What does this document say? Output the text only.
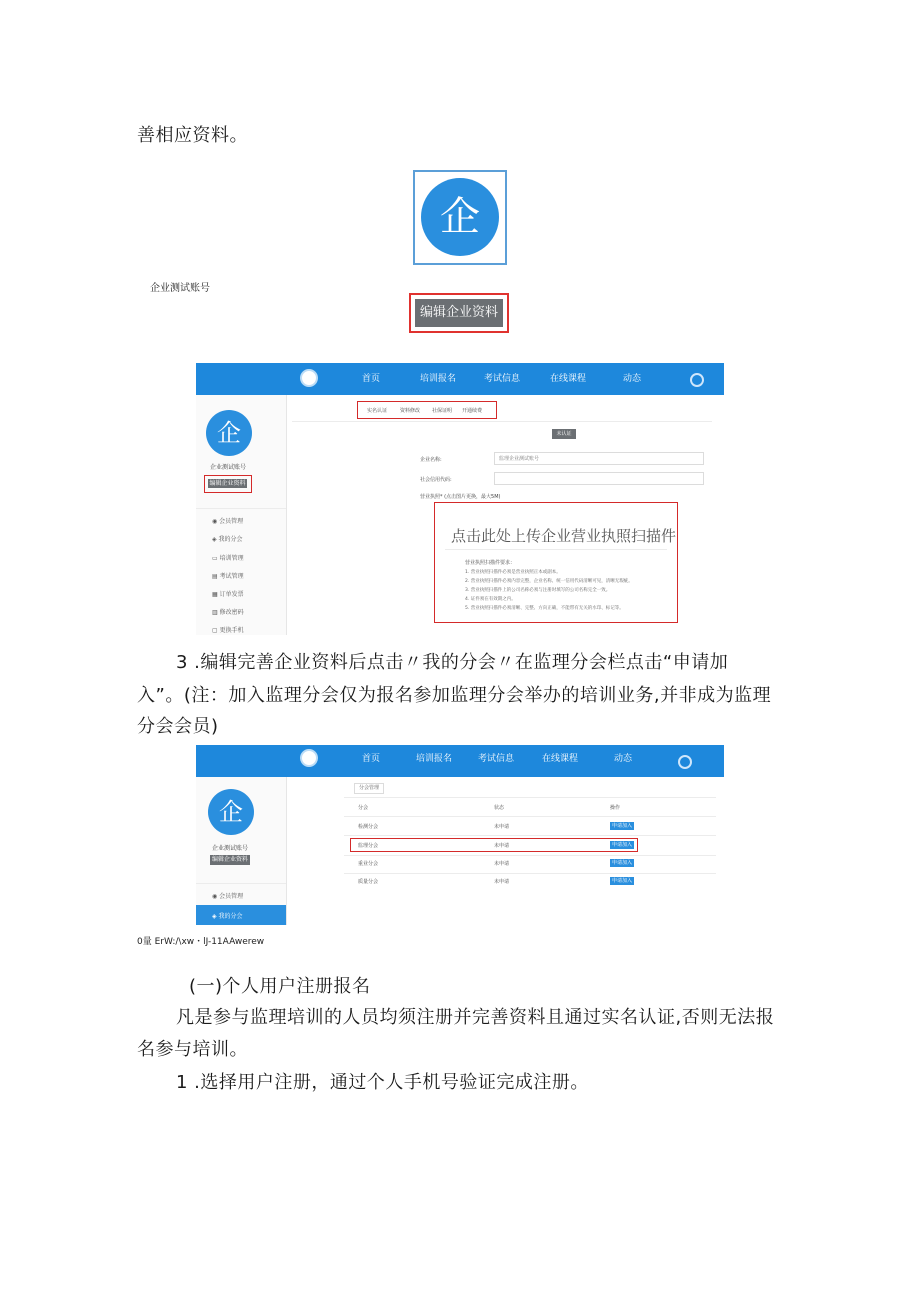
善相应资料。
企
企业测试账号
编辑企业资料
首页	培训报名	考试信息	在线课程	动态
企
企业测试账号
编辑企业资料
◉ 会员管理
◈ 我的分会
▭ 培训管理
▤ 考试管理
▦ 订单发票
▥ 修改密码
▢ 更换手机
实名认证	资料修改 社保证明 开通续费
未认证
企业名称:	监理企业测试账号
社会信用代码:
营业执照* (点击图片更换，最大5M)
点击此处上传企业营业执照扫描件
营业执照扫描件要求：
1. 营业执照扫描件必须是营业执照正本或副本。
2. 营业执照扫描件必须内容完整，企业名称、统一信用代码清晰可见，清晰无瑕疵。
3. 营业执照扫描件上的公司名称必须与注册时填写的公司名称完全一致。
4. 证件须在有效期之内。
5. 营业执照扫描件必须清晰、完整、方向正确，不能带有无关的水印、标记等。
3 .编辑完善企业资料后点击〃我的分会〃在监理分会栏点击“申请加
入”。(注：加入监理分会仅为报名参加监理分会举办的培训业务,并非成为监理
分会会员)
首页	培训报名	考试信息	在线课程	动态
企
企业测试账号
编辑企业资料
◉ 会员管理
◈ 我的分会
分会管理
分会	状态	操作
检测分会	未申请	申请加入
监理分会	未申请	申请加入
重业分会	未申请	申请加入
质量分会	未申请	申请加入
0量 ErW:/\xw・lJ-11AAwerew
(一)个人用户注册报名
凡是参与监理培训的人员均须注册并完善资料且通过实名认证,否则无法报
名参与培训。
1 .选择用户注册，通过个人手机号验证完成注册。
